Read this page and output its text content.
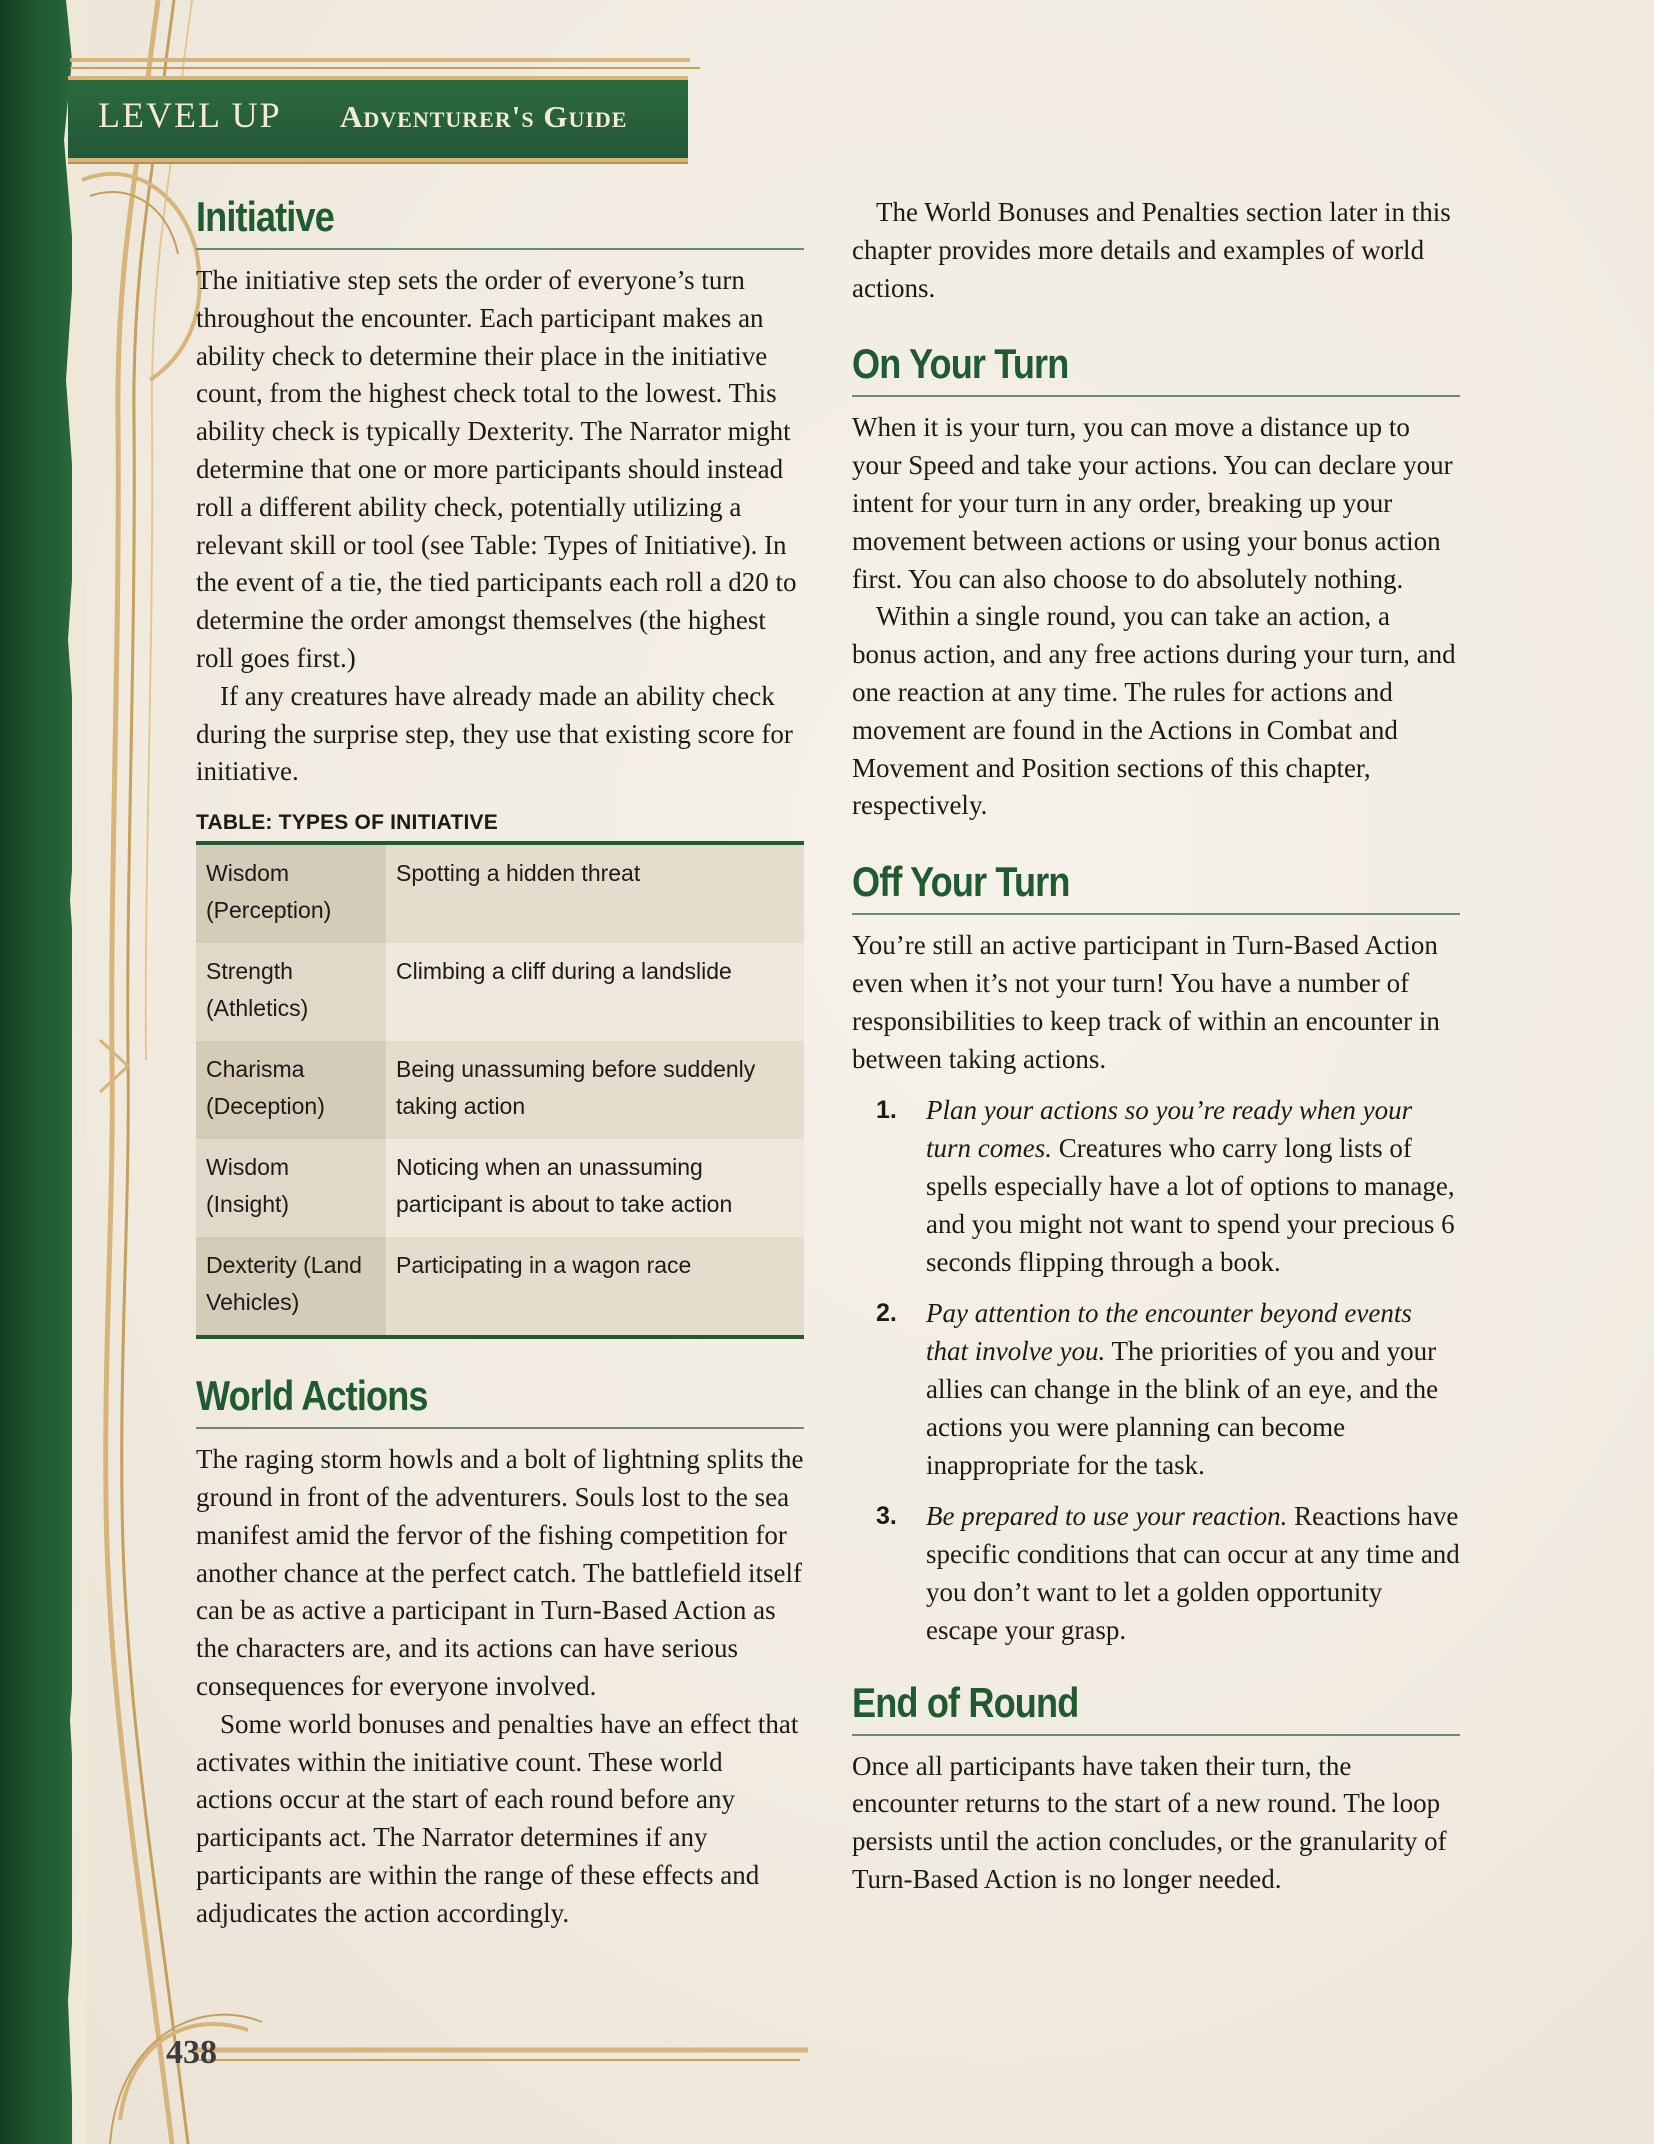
LEVEL UP Adventurer's Guide
Initiative

The initiative step sets the order of everyone’s turn throughout the encounter. Each participant makes an ability check to determine their place in the initiative count, from the highest check total to the lowest. This ability check is typically Dexterity. The Narrator might determine that one or more participants should instead roll a different ability check, potentially utilizing a relevant skill or tool (see Table: Types of Initiative). In the event of a tie, the tied participants each roll a d20 to determine the order amongst themselves (the highest roll goes first.)

If any creatures have already made an ability check during the surprise step, they use that existing score for initiative.

TABLE: TYPES OF INITIATIVE
Wisdom (Perception)	Spotting a hidden threat
Strength (Athletics)	Climbing a cliff during a landslide
Charisma (Deception)	Being unassuming before suddenly taking action
Wisdom (Insight)	Noticing when an unassuming participant is about to take action
Dexterity (Land Vehicles)	Participating in a wagon race
World Actions

The raging storm howls and a bolt of lightning splits the ground in front of the adventurers. Souls lost to the sea manifest amid the fervor of the fishing competition for another chance at the perfect catch. The battlefield itself can be as active a participant in Turn-Based Action as the characters are, and its actions can have serious consequences for everyone involved.

Some world bonuses and penalties have an effect that activates within the initiative count. These world actions occur at the start of each round before any participants act. The Narrator determines if any participants are within the range of these effects and adjudicates the action accordingly.

The World Bonuses and Penalties section later in this chapter provides more details and examples of world actions.

On Your Turn

When it is your turn, you can move a distance up to your Speed and take your actions. You can declare your intent for your turn in any order, breaking up your movement between actions or using your bonus action first. You can also choose to do absolutely nothing.

Within a single round, you can take an action, a bonus action, and any free actions during your turn, and one reaction at any time. The rules for actions and movement are found in the Actions in Combat and Movement and Position sections of this chapter, respectively.

Off Your Turn

You’re still an active participant in Turn-Based Action even when it’s not your turn! You have a number of responsibilities to keep track of within an encounter in between taking actions.

1. Plan your actions so you’re ready when your turn comes. Creatures who carry long lists of spells especially have a lot of options to manage, and you might not want to spend your precious 6 seconds flipping through a book.
2. Pay attention to the encounter beyond events that involve you. The priorities of you and your allies can change in the blink of an eye, and the actions you were planning can become inappropriate for the task.
3. Be prepared to use your reaction. Reactions have specific conditions that can occur at any time and you don’t want to let a golden opportunity escape your grasp.
End of Round

Once all participants have taken their turn, the encounter returns to the start of a new round. The loop persists until the action concludes, or the granularity of Turn-Based Action is no longer needed.

438
